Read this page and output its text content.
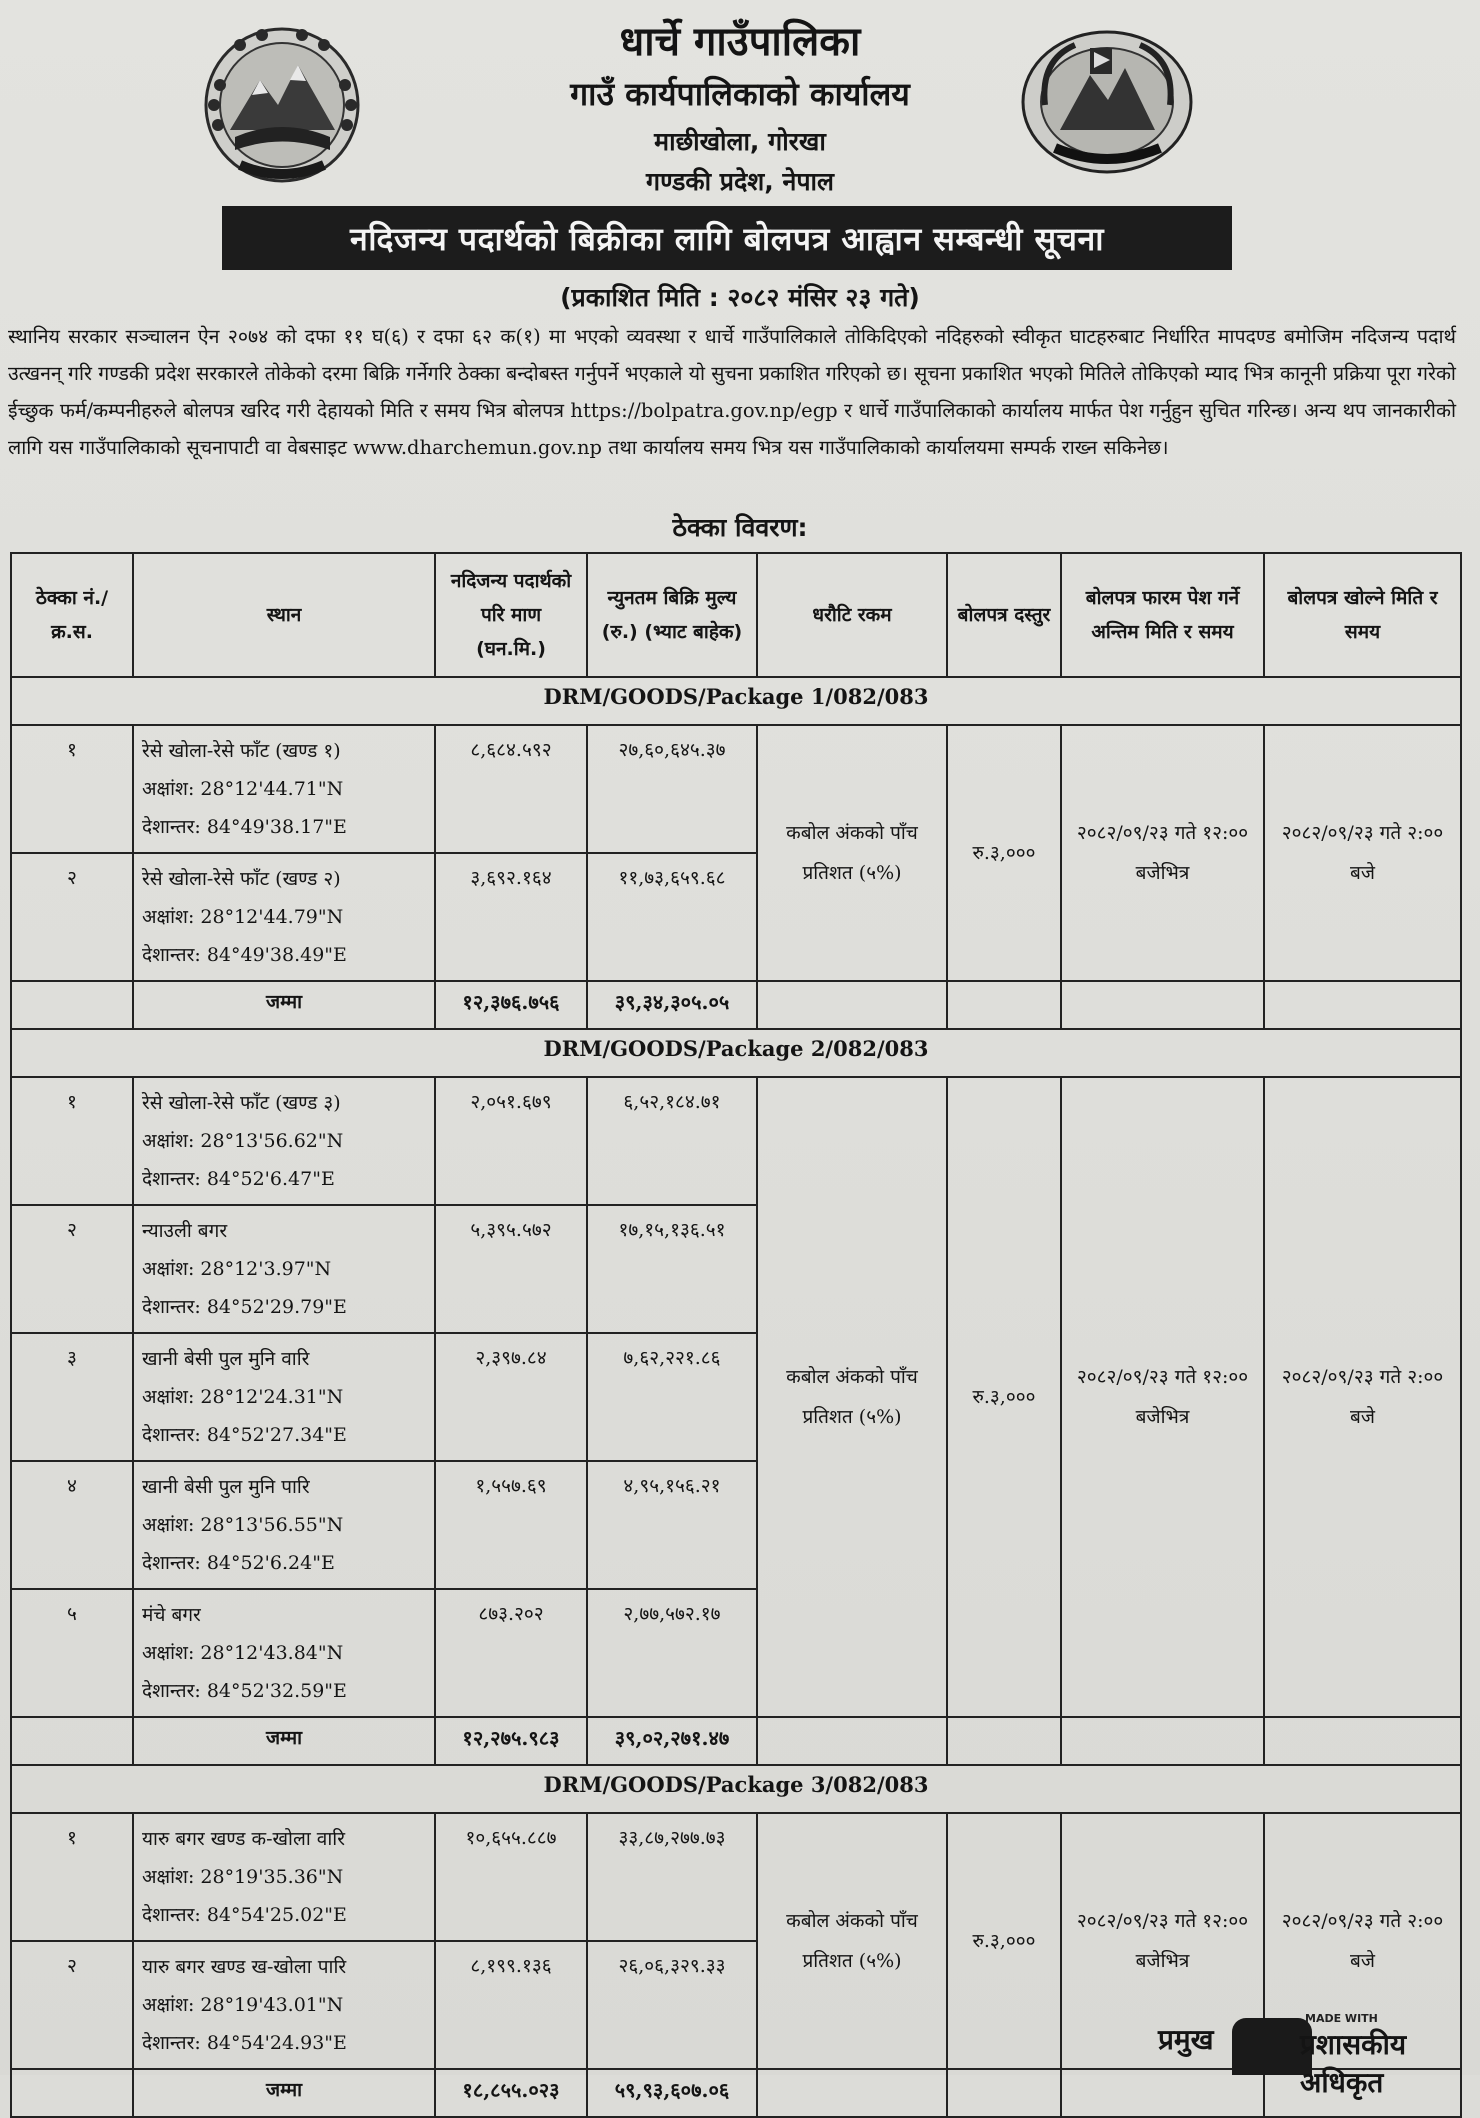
धार्चे गाउँपालिका
गाउँ कार्यपालिकाको कार्यालय
माछीखोला, गोरखा
गण्डकी प्रदेश, नेपाल
नदिजन्य पदार्थको बिक्रीका लागि बोलपत्र आह्वान सम्बन्धी सूचना
(प्रकाशित मिति : २०८२ मंसिर २३ गते)
स्थानिय सरकार सञ्चालन ऐन २०७४ को दफा ११ घ(६) र दफा ६२ क(१) मा भएको व्यवस्था र धार्चे गाउँपालिकाले तोकिदिएको नदिहरुको स्वीकृत घाटहरुबाट निर्धारित मापदण्ड बमोजिम नदिजन्य पदार्थ उत्खनन् गरि गण्डकी प्रदेश सरकारले तोकेको दरमा बिक्रि गर्नेगरि ठेक्का बन्दोबस्त गर्नुपर्ने भएकाले यो सुचना प्रकाशित गरिएको छ। सूचना प्रकाशित भएको मितिले तोकिएको म्याद भित्र कानूनी प्रक्रिया पूरा गरेको ईच्छुक फर्म/कम्पनीहरुले बोलपत्र खरिद गरी देहायको मिति र समय भित्र बोलपत्र https://bolpatra.gov.np/egp र धार्चे गाउँपालिकाको कार्यालय मार्फत पेश गर्नुहुन सुचित गरिन्छ। अन्य थप जानकारीको लागि यस गाउँपालिकाको सूचनापाटी वा वेबसाइट www.dharchemun.gov.np तथा कार्यालय समय भित्र यस गाउँपालिकाको कार्यालयमा सम्पर्क राख्न सकिनेछ।
ठेक्का विवरण:
ठेक्का नं./ क्र.स.	स्थान	नदिजन्य पदार्थको परि माण (घन.मि.)	न्युनतम बिक्रि मुल्य (रु.) (भ्याट बाहेक)	धरौटि रकम	बोलपत्र दस्तुर	बोलपत्र फारम पेश गर्ने अन्तिम मिति र समय	बोलपत्र खोल्ने मिति र समय
DRM/GOODS/Package 1/082/083							
१	रेसे खोला-रेसे फाँट (खण्ड १)
अक्षांश: 28°12'44.71"N
देशान्तर: 84°49'38.17"E	८,६८४.५९२	२७,६०,६४५.३७	कबोल अंकको पाँच प्रतिशत (५%)	रु.३,०००	२०८२/०९/२३ गते १२:०० बजेभित्र	२०८२/०९/२३ गते २:०० बजे
२	रेसे खोला-रेसे फाँट (खण्ड २)
अक्षांश: 28°12'44.79"N
देशान्तर: 84°49'38.49"E	३,६९२.१६४	११,७३,६५९.६८				
	जम्मा	१२,३७६.७५६	३९,३४,३०५.०५				
DRM/GOODS/Package 2/082/083							
१	रेसे खोला-रेसे फाँट (खण्ड ३)
अक्षांश: 28°13'56.62"N
देशान्तर: 84°52'6.47"E	२,०५१.६७९	६,५२,१८४.७१	कबोल अंकको पाँच प्रतिशत (५%)	रु.३,०००	२०८२/०९/२३ गते १२:०० बजेभित्र	२०८२/०९/२३ गते २:०० बजे
२	न्याउली बगर
अक्षांश: 28°12'3.97"N
देशान्तर: 84°52'29.79"E	५,३९५.५७२	१७,१५,१३६.५१				
३	खानी बेसी पुल मुनि वारि
अक्षांश: 28°12'24.31"N
देशान्तर: 84°52'27.34"E	२,३९७.८४	७,६२,२२१.८६				
४	खानी बेसी पुल मुनि पारि
अक्षांश: 28°13'56.55"N
देशान्तर: 84°52'6.24"E	१,५५७.६९	४,९५,१५६.२१				
५	मंचे बगर
अक्षांश: 28°12'43.84"N
देशान्तर: 84°52'32.59"E	८७३.२०२	२,७७,५७२.१७				
	जम्मा	१२,२७५.९८३	३९,०२,२७१.४७				
DRM/GOODS/Package 3/082/083							
१	यारु बगर खण्ड क-खोला वारि
अक्षांश: 28°19'35.36"N
देशान्तर: 84°54'25.02"E	१०,६५५.८८७	३३,८७,२७७.७३	कबोल अंकको पाँच प्रतिशत (५%)	रु.३,०००	२०८२/०९/२३ गते १२:०० बजेभित्र	२०८२/०९/२३ गते २:०० बजे
२	यारु बगर खण्ड ख-खोला पारि
अक्षांश: 28°19'43.01"N
देशान्तर: 84°54'24.93"E	८,१९९.१३६	२६,०६,३२९.३३				
	जम्मा	१८,८५५.०२३	५९,९३,६०७.०६				
प्रमुख
MADE WITH
प्रशासकीय अधिकृत
